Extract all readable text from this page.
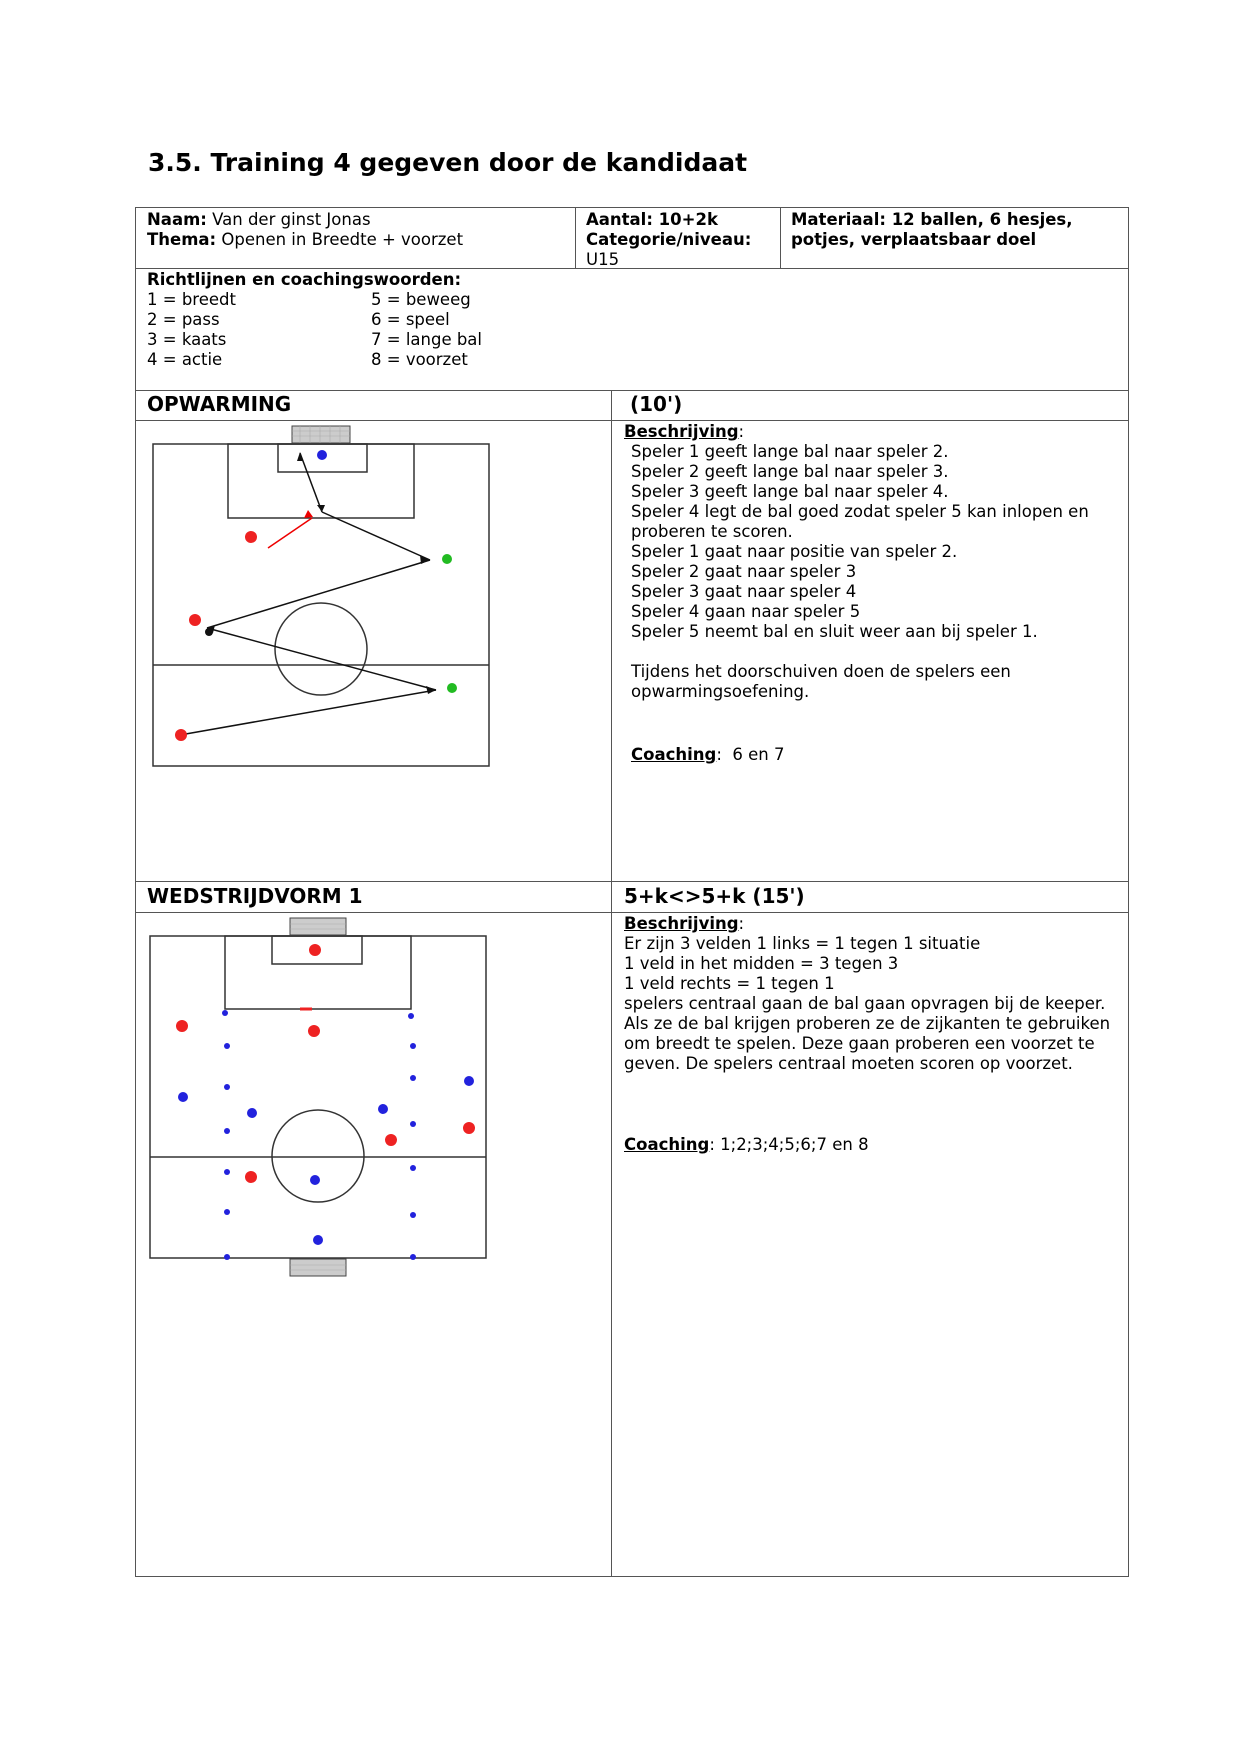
3.5. Training 4 gegeven door de kandidaat
Naam: Van der ginst Jonas
Thema: Openen in Breedte + voorzet
Aantal: 10+2k
Categorie/niveau:
U15
Materiaal: 12 ballen, 6 hesjes,
potjes, verplaatsbaar doel
Richtlijnen en coachingswoorden:
1 = breedt
2 = pass
3 = kaats
4 = actie
5 = beweeg
6 = speel
7 = lange bal
8 = voorzet
OPWARMING	(10')
Beschrijving:
Speler 1 geeft lange bal naar speler 2.
Speler 2 geeft lange bal naar speler 3.
Speler 3 geeft lange bal naar speler 4.
Speler 4 legt de bal goed zodat speler 5 kan inlopen en
proberen te scoren.
Speler 1 gaat naar positie van speler 2.
Speler 2 gaat naar speler 3
Speler 3 gaat naar speler 4
Speler 4 gaan naar speler 5
Speler 5 neemt bal en sluit weer aan bij speler 1.
Tijdens het doorschuiven doen de spelers een
opwarmingsoefening.
Coaching:  6 en 7
WEDSTRIJDVORM 1	5+k<>5+k (15')
Beschrijving:
Er zijn 3 velden 1 links = 1 tegen 1 situatie
1 veld in het midden = 3 tegen 3
1 veld rechts = 1 tegen 1
spelers centraal gaan de bal gaan opvragen bij de keeper.
Als ze de bal krijgen proberen ze de zijkanten te gebruiken
om breedt te spelen. Deze gaan proberen een voorzet te
geven. De spelers centraal moeten scoren op voorzet.
Coaching: 1;2;3;4;5;6;7 en 8
